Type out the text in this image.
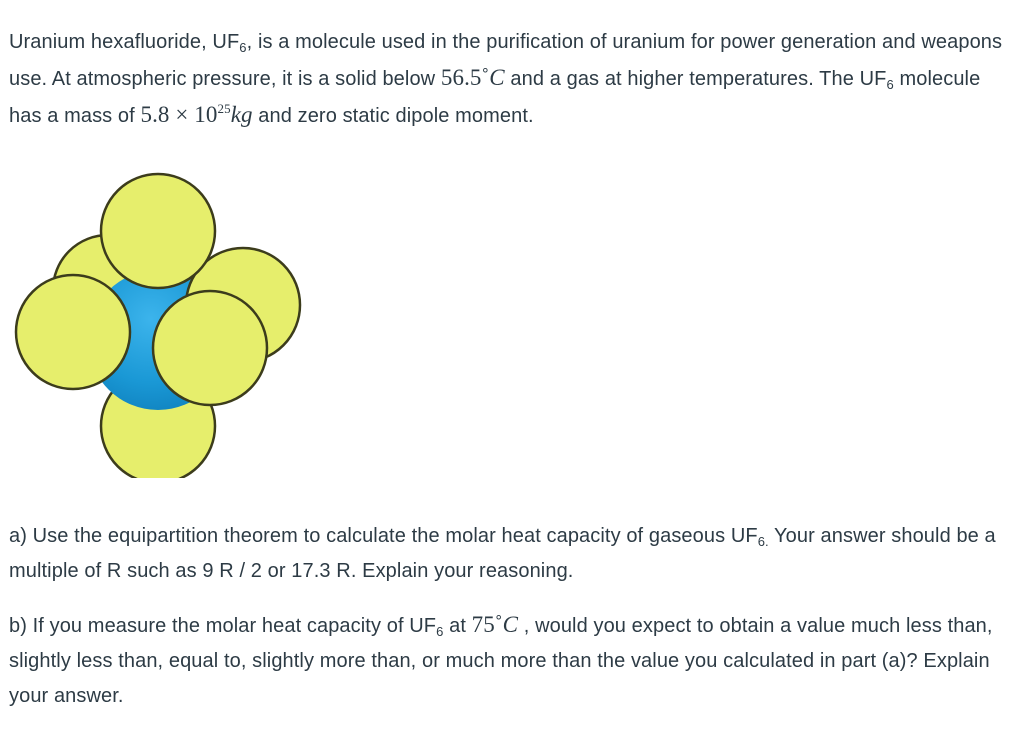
Uranium hexafluoride, $UF_6$, is a molecule used in the purification of uranium for power generation and weapons use. At atmospheric pressure, it is a solid below 56.5˚C and a gas at higher temperatures. The $UF_6$ molecule has a mass of $5.8 \times 10^{25}kg$ and zero static dipole moment.

a) Use the equipartition theorem to calculate the molar heat capacity of gaseous $UF_{6.}$ Your answer should be a multiple of R such as 9 R / 2 or 17.3 R. Explain your reasoning.

b) If you measure the molar heat capacity of $UF_6$ at 75˚C , would you expect to obtain a value much less than, slightly less than, equal to, slightly more than, or much more than the value you calculated in part (a)? Explain your answer.
